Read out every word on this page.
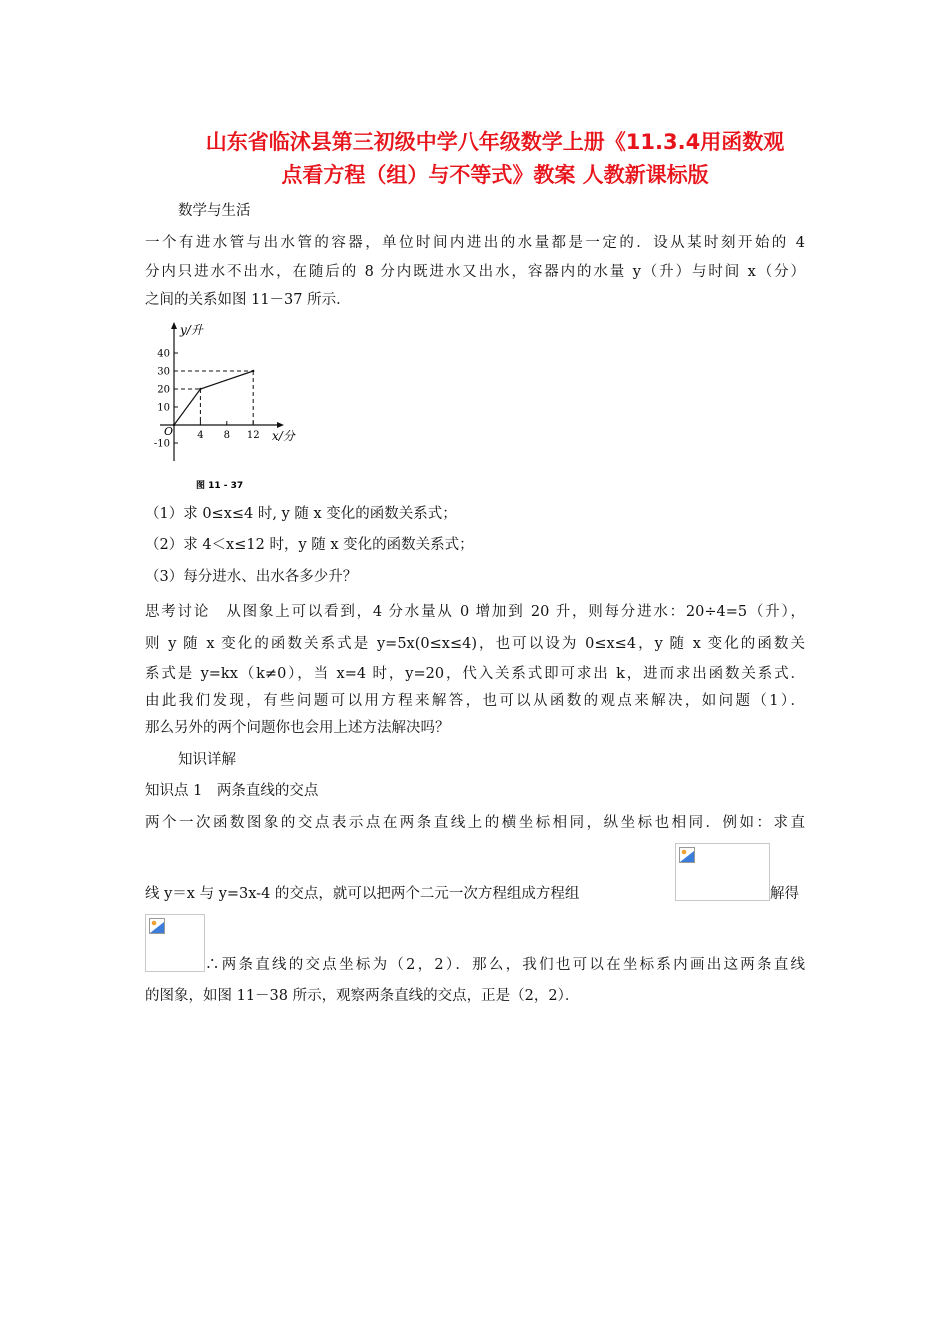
山东省临沭县第三初级中学八年级数学上册《11.3.4用函数观
点看方程（组）与不等式》教案 人教新课标版
数学与生活
一个有进水管与出水管的容器，单位时间内进出的水量都是一定的．设从某时刻开始的 4
分内只进水不出水，在随后的 8 分内既进水又出水，容器内的水量 y（升）与时间 x（分）
之间的关系如图 11－37 所示．
y/升
x/分
O
40
30
20
10
-10
4 8 12
图 11 - 37
（1）求 0≤x≤4 时, y 随 x 变化的函数关系式；
（2）求 4＜x≤12 时，y 随 x 变化的函数关系式；
（3）每分进水、出水各多少升？
思考讨论　从图象上可以看到，4 分水量从 0 增加到 20 升，则每分进水：20÷4=5（升），
则 y 随 x 变化的函数关系式是 y=5x(0≤x≤4)，也可以设为 0≤x≤4，y 随 x 变化的函数关
系式是 y=kx（k≠0），当 x=4 时，y=20，代入关系式即可求出 k，进而求出函数关系式．
由此我们发现，有些问题可以用方程来解答，也可以从函数的观点来解决，如问题（1）．
那么另外的两个问题你也会用上述方法解决吗？
知识详解
知识点 1　两条直线的交点
两个一次函数图象的交点表示点在两条直线上的横坐标相同，纵坐标也相同．例如：求直
线 y＝x 与 y=3x-4 的交点，就可以把两个二元一次方程组成方程组	解得
∴两条直线的交点坐标为（2，2）．那么，我们也可以在坐标系内画出这两条直线
的图象，如图 11－38 所示，观察两条直线的交点，正是（2，2）．
